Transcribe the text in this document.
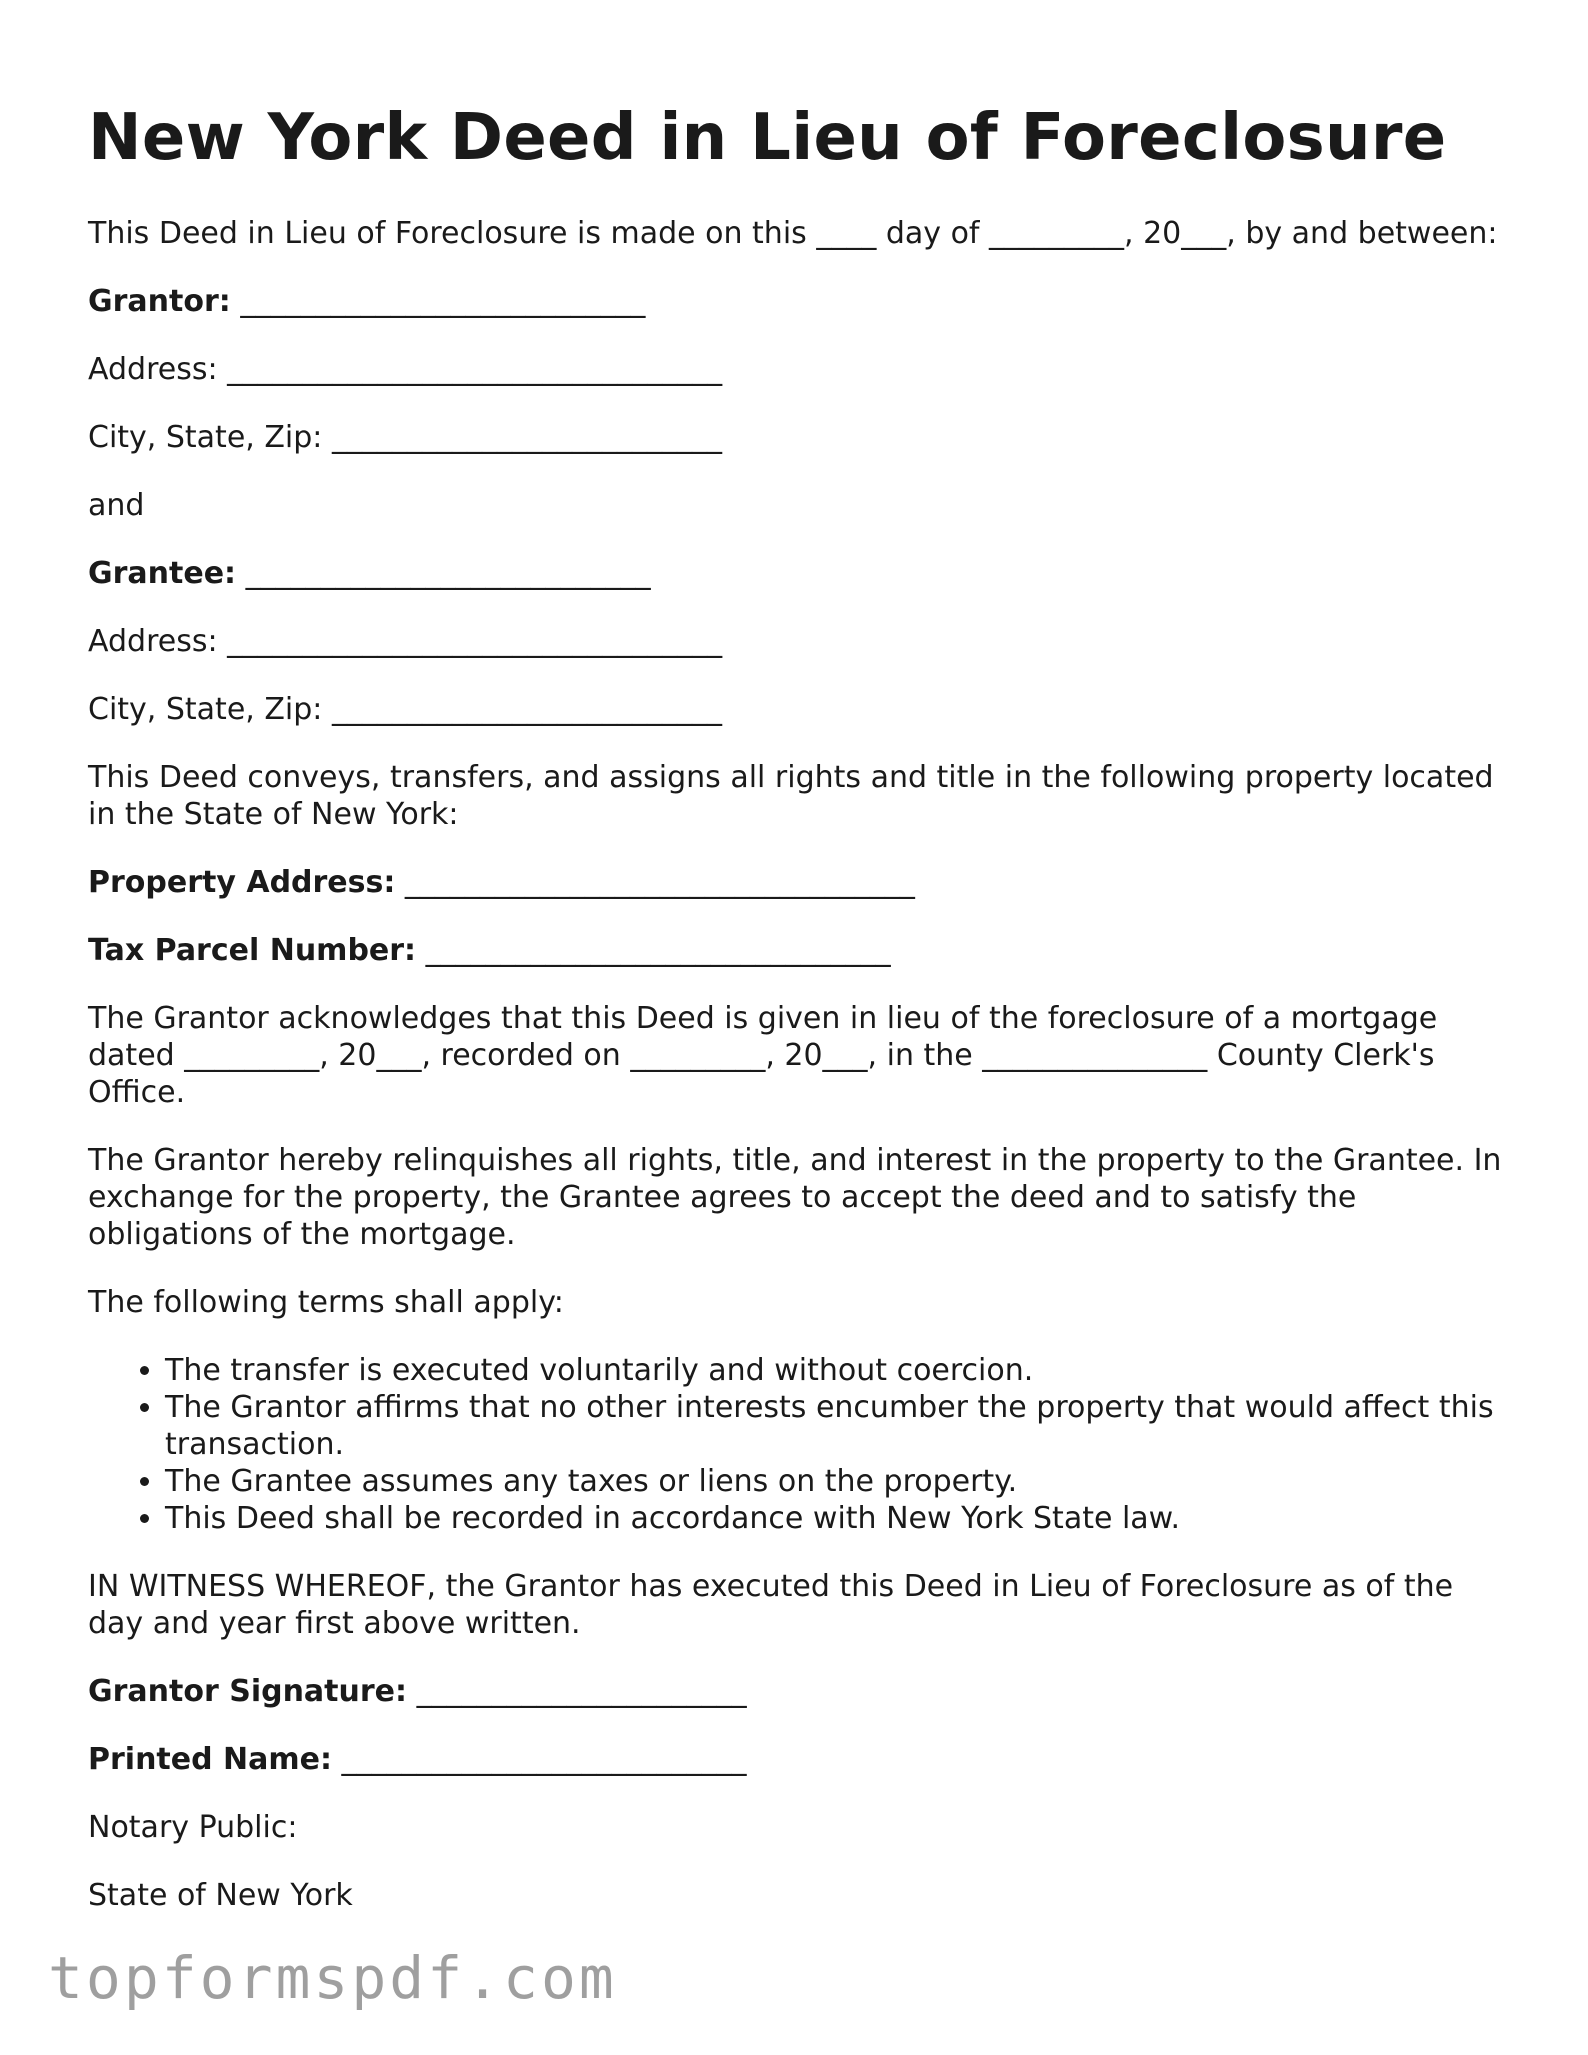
New York Deed in Lieu of Foreclosure

This Deed in Lieu of Foreclosure is made on this ____ day of _________, 20___, by and between:

Grantor: ___________________________

Address: _________________________________

City, State, Zip: __________________________

and

Grantee: ___________________________

Address: _________________________________

City, State, Zip: __________________________

This Deed conveys, transfers, and assigns all rights and title in the following property located in the State of New York:

Property Address: __________________________________

Tax Parcel Number: _______________________________

The Grantor acknowledges that this Deed is given in lieu of the foreclosure of a mortgage dated _________, 20___, recorded on _________, 20___, in the _______________ County Clerk's Office.

The Grantor hereby relinquishes all rights, title, and interest in the property to the Grantee. In exchange for the property, the Grantee agrees to accept the deed and to satisfy the obligations of the mortgage.

The following terms shall apply:

• The transfer is executed voluntarily and without coercion.
• The Grantor affirms that no other interests encumber the property that would affect this transaction.
• The Grantee assumes any taxes or liens on the property.
• This Deed shall be recorded in accordance with New York State law.

IN WITNESS WHEREOF, the Grantor has executed this Deed in Lieu of Foreclosure as of the day and year first above written.

Grantor Signature: ______________________

Printed Name: ___________________________

Notary Public:

State of New York

topformspdf.com
